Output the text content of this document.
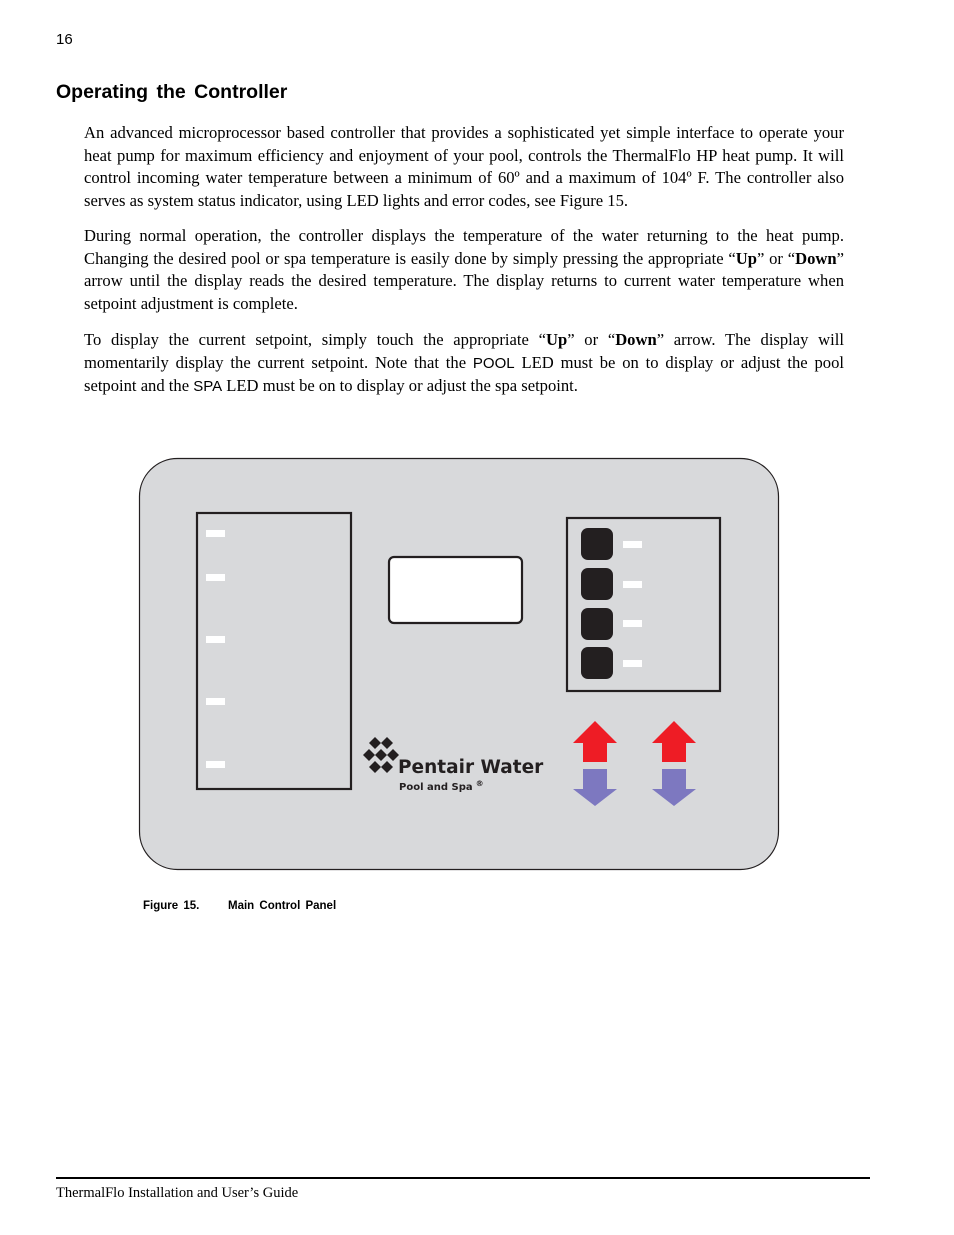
16
Operating the Controller

An advanced microprocessor based controller that provides a sophisticated yet simple interface to operate your heat pump for maximum efficiency and enjoyment of your pool, controls the ThermalFlo HP heat pump. It will control incoming water temperature between a minimum of 60º and a maximum of 104º F. The controller also serves as system status indicator, using LED lights and error codes, see Figure 15.

During normal operation, the controller displays the temperature of the water returning to the heat pump. Changing the desired pool or spa temperature is easily done by simply pressing the appropriate “Up” or “Down” arrow until the display reads the desired temperature. The display returns to current water temperature when setpoint adjustment is complete.

To display the current setpoint, simply touch the appropriate “Up” or “Down” arrow. The display will momentarily display the current setpoint. Note that the POOL LED must be on to display or adjust the pool setpoint and the SPA LED must be on to display or adjust the spa setpoint.

Pentair Water
Pool and Spa ®
Figure 15. Main Control Panel
ThermalFlo Installation and User’s Guide
